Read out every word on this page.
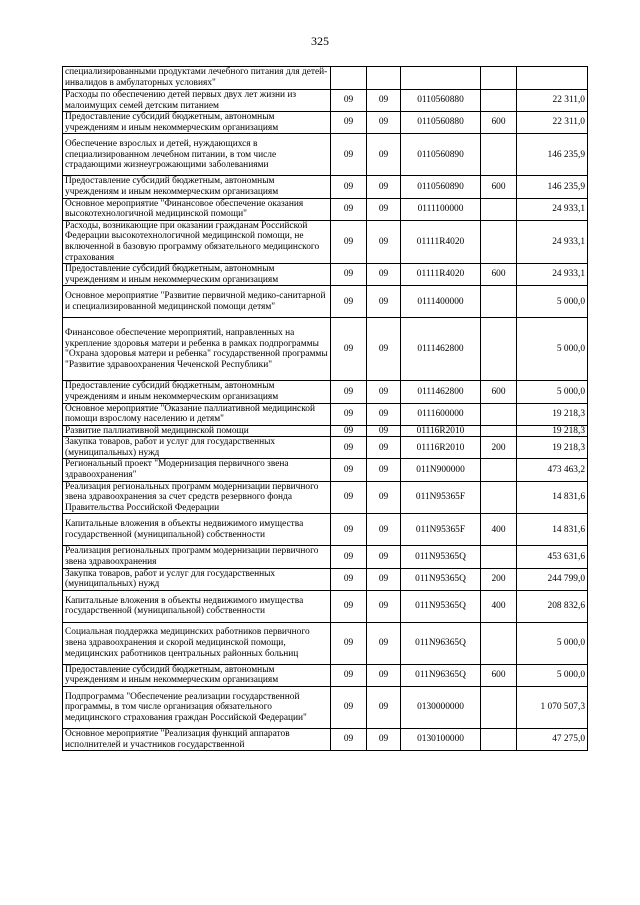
325
специализированными продуктами лечебного питания для детей-инвалидов в амбулаторных условиях"					
Расходы по обеспечению детей первых двух лет жизни из малоимущих семей детским питанием	09	09	0110560880		22 311,0
Предоставление субсидий бюджетным, автономным учреждениям и иным некоммерческим организациям	09	09	0110560880	600	22 311,0
Обеспечение взрослых и детей, нуждающихся в специализированном лечебном питании, в том числе страдающими жизнеугрожающими заболеваниями	09	09	0110560890		146 235,9
Предоставление субсидий бюджетным, автономным учреждениям и иным некоммерческим организациям	09	09	0110560890	600	146 235,9
Основное мероприятие "Финансовое обеспечение оказания высокотехнологичной медицинской помощи"	09	09	0111100000		24 933,1
Расходы, возникающие при оказании гражданам Российской Федерации высокотехнологичной медицинской помощи, не включенной в базовую программу обязательного медицинского страхования	09	09	01111R4020		24 933,1
Предоставление субсидий бюджетным, автономным учреждениям и иным некоммерческим организациям	09	09	01111R4020	600	24 933,1
Основное мероприятие "Развитие первичной медико-санитарной и специализированной медицинской помощи детям"	09	09	0111400000		5 000,0
Финансовое обеспечение мероприятий, направленных на укрепление здоровья матери и ребенка в рамках подпрограммы "Охрана здоровья матери и ребенка" государственной программы "Развитие здравоохранения Чеченской Республики"	09	09	0111462800		5 000,0
Предоставление субсидий бюджетным, автономным учреждениям и иным некоммерческим организациям	09	09	0111462800	600	5 000,0
Основное мероприятие "Оказание паллиативной медицинской помощи взрослому населению и детям"	09	09	0111600000		19 218,3
Развитие паллиативной медицинской помощи	09	09	01116R2010		19 218,3
Закупка товаров, работ и услуг для государственных (муниципальных) нужд	09	09	01116R2010	200	19 218,3
Региональный проект "Модернизация первичного звена здравоохранения"	09	09	011N900000		473 463,2
Реализация региональных программ модернизации первичного звена здравоохранения за счет средств резервного фонда Правительства Российской Федерации	09	09	011N95365F		14 831,6
Капитальные вложения в объекты недвижимого имущества государственной (муниципальной) собственности	09	09	011N95365F	400	14 831,6
Реализация региональных программ модернизации первичного звена здравоохранения	09	09	011N95365Q		453 631,6
Закупка товаров, работ и услуг для государственных (муниципальных) нужд	09	09	011N95365Q	200	244 799,0
Капитальные вложения в объекты недвижимого имущества государственной (муниципальной) собственности	09	09	011N95365Q	400	208 832,6
Социальная поддержка медицинских работников первичного звена здравоохранения и скорой медицинской помощи, медицинских работников центральных районных больниц	09	09	011N96365Q		5 000,0
Предоставление субсидий бюджетным, автономным учреждениям и иным некоммерческим организациям	09	09	011N96365Q	600	5 000,0
Подпрограмма "Обеспечение реализации государственной программы, в том числе организация обязательного медицинского страхования граждан Российской Федерации"	09	09	0130000000		1 070 507,3
Основное мероприятие "Реализация функций аппаратов исполнителей и участников государственной	09	09	0130100000		47 275,0
